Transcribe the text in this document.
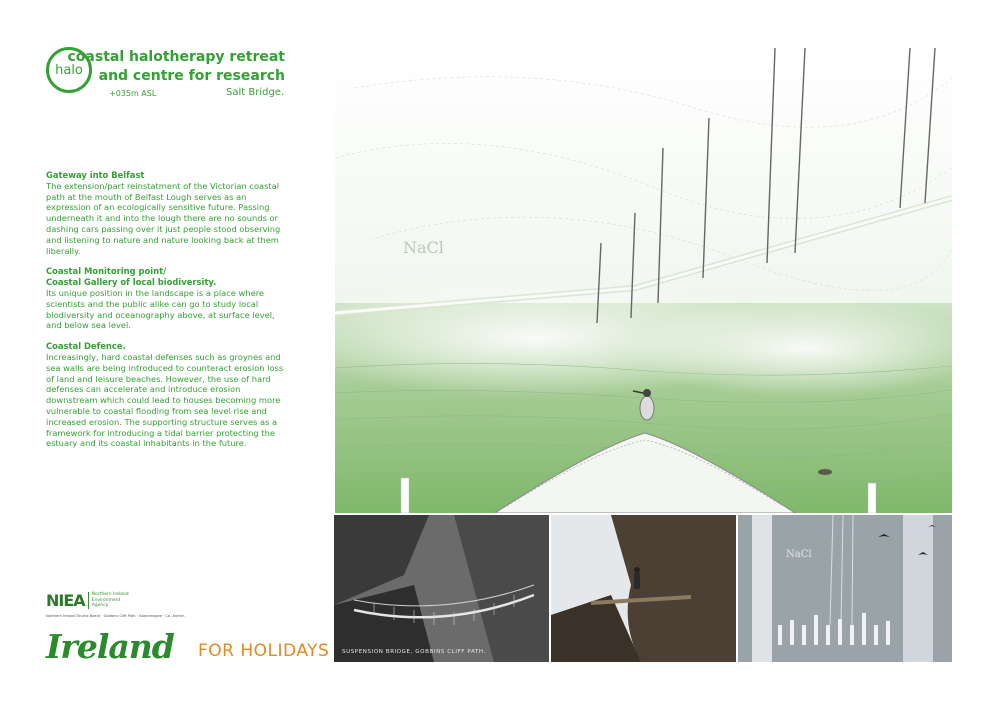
halo
coastal halotherapy retreat
and centre for research
+035m ASL	Salt Bridge.
Gateway into Belfast

The extension/part reinstatment of the Victorian coastal path at the mouth of Belfast Lough serves as an expression of an ecologically sensitive future. Passing underneath it and into the lough there are no sounds or dashing cars passing over it just people stood observing and listening to nature and nature looking back at them liberally.

Coastal Monitoring point/
Coastal Gallery of local biodiversity.

Its unique position in the landscape is a place where scientists and the public alike can go to study local biodiversity and oceanography above, at surface level, and below sea level.

Coastal Defence.

Increasingly, hard coastal defenses such as groynes and sea walls are being introduced to counteract erosion loss of land and leisure beaches. However, the use of hard defenses can accelerate and introduce erosion downstream which could lead to houses becoming more vulnerable to coastal flooding from sea level rise and increased erosion. The supporting structure serves as a framework for introducing a tidal barrier protecting the estuary and its coastal inhabitants in the future.

NaCl
SUSPENSION BRIDGE, GOBBINS CLIFF PATH.
NaCl
NIEA	Northern Ireland
Environment
Agency
Northern Ireland Tourist Board · Gobbins Cliff Path · Islandmagee · Co. Antrim
Ireland FOR HOLIDAYS
